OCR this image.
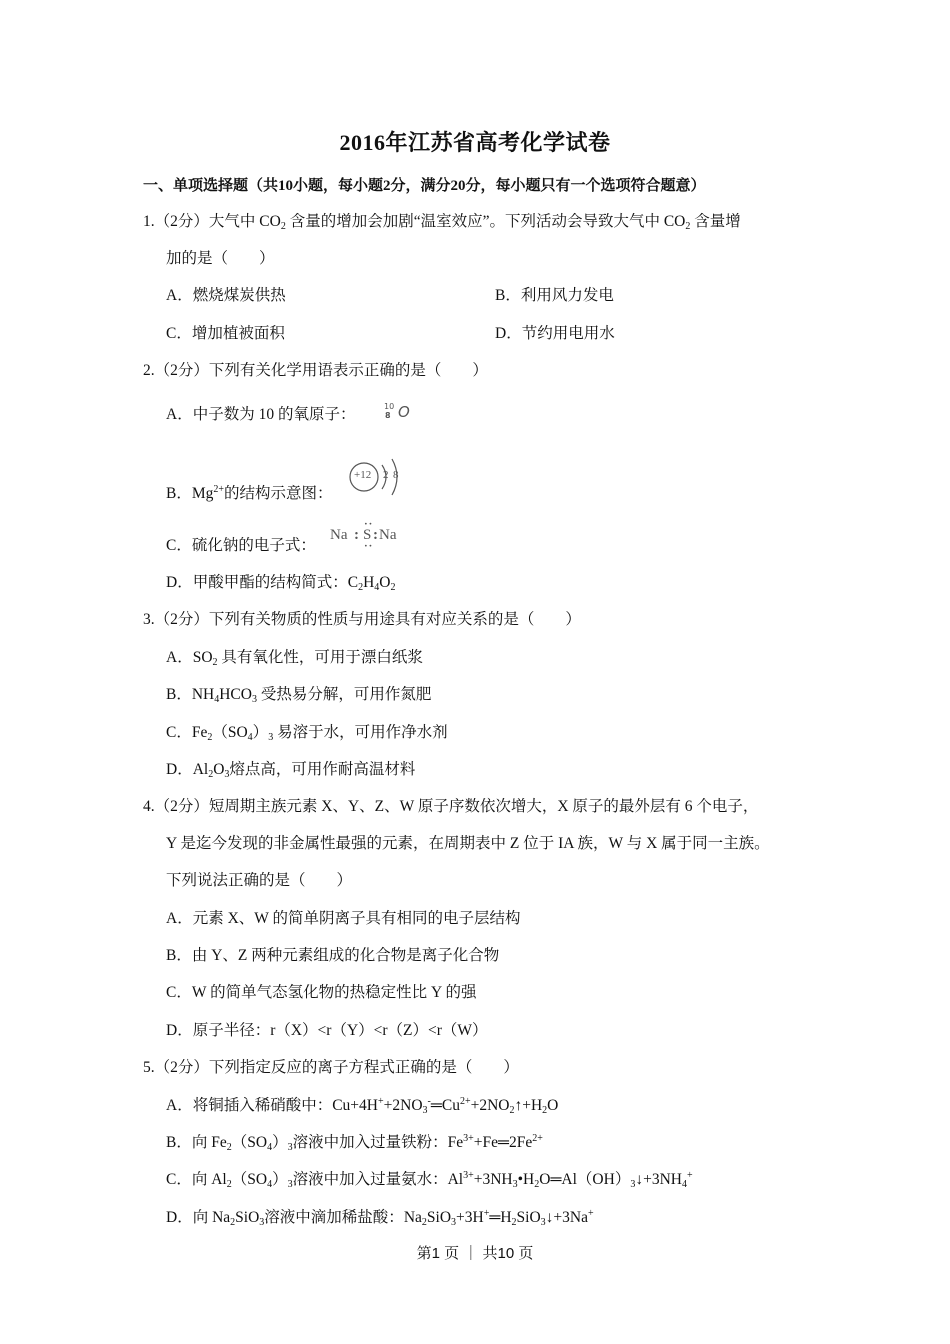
2016年江苏省高考化学试卷
一、单项选择题（共10小题，每小题2分，满分20分，每小题只有一个选项符合题意）
1.（2分）大气中 $CO_2$ 含量的增加会加剧“温室效应”。下列活动会导致大气中 $CO_2$ 含量增
加的是（　　）
A．燃烧煤炭供热	B．利用风力发电
C．增加植被面积	D．节约用电用水
2.（2分）下列有关化学用语表示正确的是（　　）
A．中子数为 10 的氧原子：	10
8 O
B．$Mg^{2+}$的结构示意图：
+12 2 8
C．硫化钠的电子式：
Na : S
··
··
: Na
D．甲酸甲酯的结构简式：$C_2H_4O_2$
3.（2分）下列有关物质的性质与用途具有对应关系的是（　　）
A．$SO_2$ 具有氧化性，可用于漂白纸浆
B．$NH_4HCO_3$ 受热易分解，可用作氮肥
C．$Fe_2(SO_4)_3$ 易溶于水，可用作净水剂
D．$Al_2O_3$熔点高，可用作耐高温材料
4.（2分）短周期主族元素 X、Y、Z、W 原子序数依次增大，X 原子的最外层有 6 个电子，
Y 是迄今发现的非金属性最强的元素，在周期表中 Z 位于 IA 族，W 与 X 属于同一主族。
下列说法正确的是（　　）
A．元素 X、W 的简单阴离子具有相同的电子层结构
B．由 Y、Z 两种元素组成的化合物是离子化合物
C．W 的简单气态氢化物的热稳定性比 Y 的强
D．原子半径：r（X）<r（Y）<r（Z）<r（W）
5.（2分）下列指定反应的离子方程式正确的是（　　）
A．将铜插入稀硝酸中：$Cu+4H^++2NO_3^-═Cu^{2+}+2NO_2↑+H_2O$
B．向 $Fe_2(SO_4)_3$溶液中加入过量铁粉：$Fe^{3+}+Fe═2Fe^{2+}$
C．向 $Al_2(SO_4)_3$溶液中加入过量氨水：$Al^{3+}+3NH_3•H_2O═Al(OH)_3↓+3NH_4^+$
D．向 $Na_2SiO_3$溶液中滴加稀盐酸：$Na_2SiO_3+3H^+═H_2SiO_3↓+3Na^+$
第1 页 ｜ 共10 页
